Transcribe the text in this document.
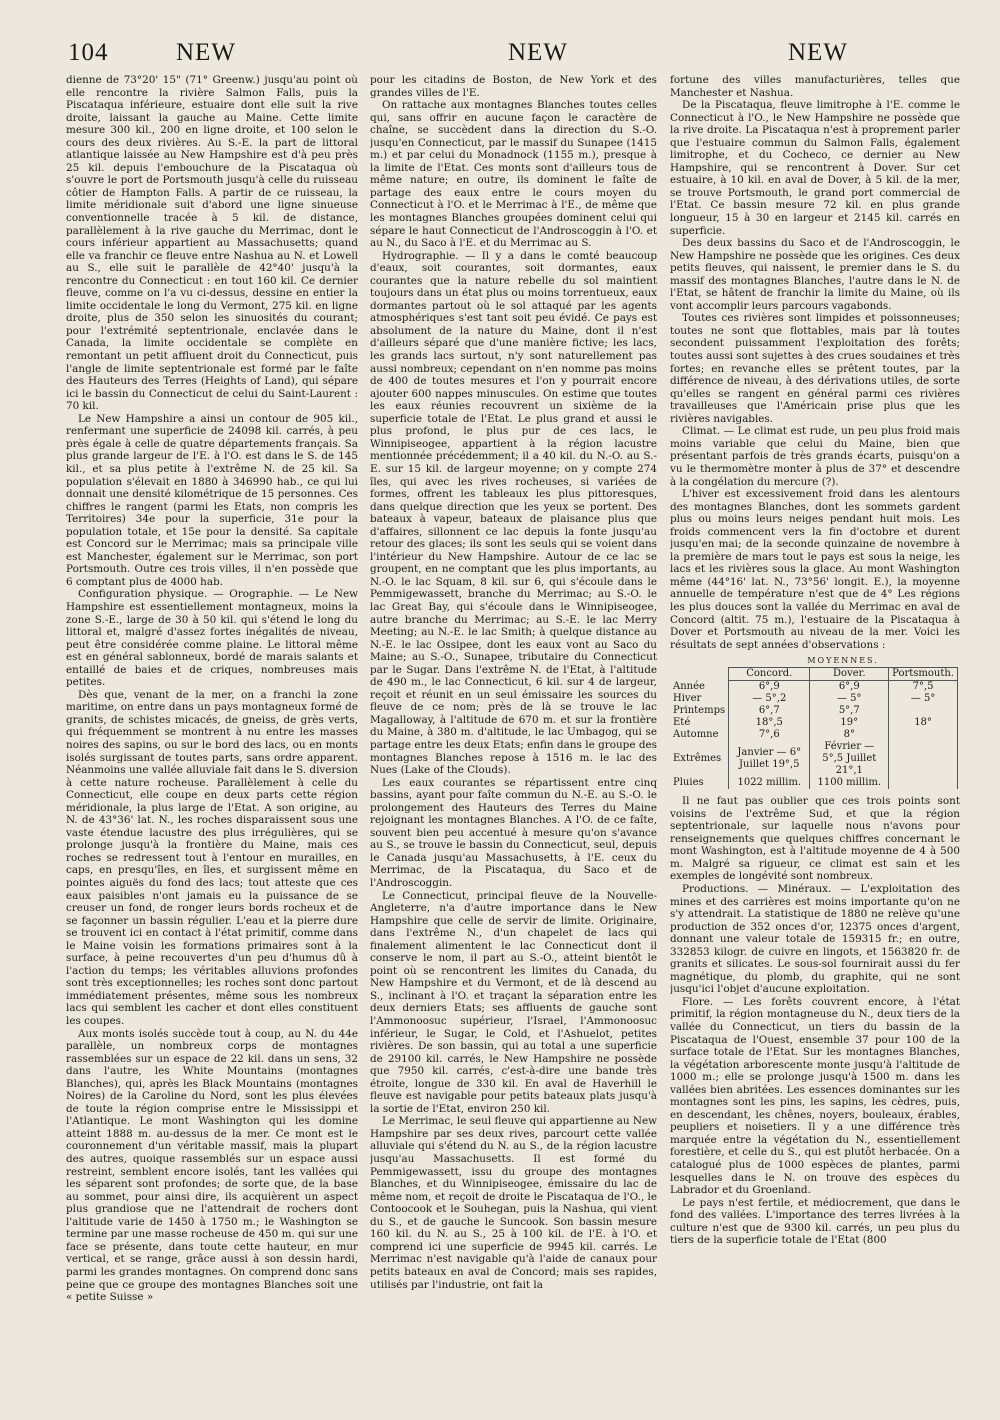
104	NEW	NEW	NEW

dienne de 73°20' 15" (71° Greenw.) jusqu'au point où elle rencontre la rivière Salmon Falls, puis la Piscataqua inférieure, estuaire dont elle suit la rive droite, laissant la gauche au Maine. Cette limite mesure 300 kil., 200 en ligne droite, et 100 selon le cours des deux rivières. Au S.-E. la part de littoral atlantique laissée au New Hampshire est d'à peu près 25 kil. depuis l'embouchure de la Piscataqua où s'ouvre le port de Portsmouth jusqu'à celle du ruisseau côtier de Hampton Falls. A partir de ce ruisseau, la limite méridionale suit d'abord une ligne sinueuse conventionnelle tracée à 5 kil. de distance, parallèlement à la rive gauche du Merrimac, dont le cours inférieur appartient au Massachusetts; quand elle va franchir ce fleuve entre Nashua au N. et Lowell au S., elle suit le parallèle de 42°40' jusqu'à la rencontre du Connecticut : en tout 160 kil. Ce dernier fleuve, comme on l'a vu ci-dessus, dessine en entier la limite occidentale le long du Vermont, 275 kil. en ligne droite, plus de 350 selon les sinuosités du courant; pour l'extrémité septentrionale, enclavée dans le Canada, la limite occidentale se complète en remontant un petit affluent droit du Connecticut, puis l'angle de limite septentrionale est formé par le faîte des Hauteurs des Terres (Heights of Land), qui sépare ici le bassin du Connecticut de celui du Saint-Laurent : 70 kil.

Le New Hampshire a ainsi un contour de 905 kil., renfermant une superficie de 24098 kil. carrés, à peu près égale à celle de quatre départements français. Sa plus grande largeur de l'E. à l'O. est dans le S. de 145 kil., et sa plus petite à l'extrême N. de 25 kil. Sa population s'élevait en 1880 à 346990 hab., ce qui lui donnait une densité kilométrique de 15 personnes. Ces chiffres le rangent (parmi les Etats, non compris les Territoires) 34e pour la superficie, 31e pour la population totale, et 15e pour la densité. Sa capitale est Concord sur le Merrimac; mais sa principale ville est Manchester, également sur le Merrimac, son port Portsmouth. Outre ces trois villes, il n'en possède que 6 comptant plus de 4000 hab.

Configuration physique. — Orographie. — Le New Hampshire est essentiellement montagneux, moins la zone S.-E., large de 30 à 50 kil. qui s'étend le long du littoral et, malgré d'assez fortes inégalités de niveau, peut être considérée comme plaine. Le littoral même est en général sablonneux, bordé de marais salants et entaillé de baies et de criques, nombreuses mais petites.

Dès que, venant de la mer, on a franchi la zone maritime, on entre dans un pays montagneux formé de granits, de schistes micacés, de gneiss, de grès verts, qui fréquemment se montrent à nu entre les masses noires des sapins, ou sur le bord des lacs, ou en monts isolés surgissant de toutes parts, sans ordre apparent. Néanmoins une vallée alluviale fait dans le S. diversion à cette nature rocheuse. Parallèlement à celle du Connecticut, elle coupe en deux parts cette région méridionale, la plus large de l'Etat. A son origine, au N. de 43°36' lat. N., les roches disparaissent sous une vaste étendue lacustre des plus irrégulières, qui se prolonge jusqu'à la frontière du Maine, mais ces roches se redressent tout à l'entour en murailles, en caps, en presqu'îles, en îles, et surgissent même en pointes aiguës du fond des lacs; tout atteste que ces eaux paisibles n'ont jamais eu la puissance de se creuser un fond, de ronger leurs bords rocheux et de se façonner un bassin régulier. L'eau et la pierre dure se trouvent ici en contact à l'état primitif, comme dans le Maine voisin les formations primaires sont à la surface, à peine recouvertes d'un peu d'humus dû à l'action du temps; les véritables alluvions profondes sont très exceptionnelles; les roches sont donc partout immédiatement présentes, même sous les nombreux lacs qui semblent les cacher et dont elles constituent les coupes.

Aux monts isolés succède tout à coup, au N. du 44e parallèle, un nombreux corps de montagnes rassemblées sur un espace de 22 kil. dans un sens, 32 dans l'autre, les White Mountains (montagnes Blanches), qui, après les Black Mountains (montagnes Noires) de la Caroline du Nord, sont les plus élevées de toute la région comprise entre le Mississippi et l'Atlantique. Le mont Washington qui les domine atteint 1888 m. au-dessus de la mer. Ce mont est le couronnement d'un véritable massif, mais la plupart des autres, quoique rassemblés sur un espace aussi restreint, semblent encore isolés, tant les vallées qui les séparent sont profondes; de sorte que, de la base au sommet, pour ainsi dire, ils acquièrent un aspect plus grandiose que ne l'attendrait de rochers dont l'altitude varie de 1450 à 1750 m.; le Washington se termine par une masse rocheuse de 450 m. qui sur une face se présente, dans toute cette hauteur, en mur vertical, et se range, grâce aussi à son dessin hardi, parmi les grandes montagnes. On comprend donc sans peine que ce groupe des montagnes Blanches soit une « petite Suisse »

pour les citadins de Boston, de New York et des grandes villes de l'E.

On rattache aux montagnes Blanches toutes celles qui, sans offrir en aucune façon le caractère de chaîne, se succèdent dans la direction du S.-O. jusqu'en Connecticut, par le massif du Sunapee (1415 m.) et par celui du Monadnock (1155 m.), presque à la limite de l'Etat. Ces monts sont d'ailleurs tous de même nature; en outre, ils dominent le faîte de partage des eaux entre le cours moyen du Connecticut à l'O. et le Merrimac à l'E., de même que les montagnes Blanches groupées dominent celui qui sépare le haut Connecticut de l'Androscoggin à l'O. et au N., du Saco à l'E. et du Merrimac au S.

Hydrographie. — Il y a dans le comté beaucoup d'eaux, soit courantes, soit dormantes, eaux courantes que la nature rebelle du sol maintient toujours dans un état plus ou moins torrentueux, eaux dormantes partout où le sol attaqué par les agents atmosphériques s'est tant soit peu évidé. Ce pays est absolument de la nature du Maine, dont il n'est d'ailleurs séparé que d'une manière fictive; les lacs, les grands lacs surtout, n'y sont naturellement pas aussi nombreux; cependant on n'en nomme pas moins de 400 de toutes mesures et l'on y pourrait encore ajouter 600 nappes minuscules. On estime que toutes les eaux réunies recouvrent un sixième de la superficie totale de l'Etat. Le plus grand et aussi le plus profond, le plus pur de ces lacs, le Winnipiseogee, appartient à la région lacustre mentionnée précédemment; il a 40 kil. du N.-O. au S.-E. sur 15 kil. de largeur moyenne; on y compte 274 îles, qui avec les rives rocheuses, si variées de formes, offrent les tableaux les plus pittoresques, dans quelque direction que les yeux se portent. Des bateaux à vapeur, bateaux de plaisance plus que d'affaires, sillonnent ce lac depuis la fonte jusqu'au retour des glaces; ils sont les seuls qui se voient dans l'intérieur du New Hampshire. Autour de ce lac se groupent, en ne comptant que les plus importants, au N.-O. le lac Squam, 8 kil. sur 6, qui s'écoule dans le Pemmigewassett, branche du Merrimac; au S.-O. le lac Great Bay, qui s'écoule dans le Winnipiseogee, autre branche du Merrimac; au S.-E. le lac Merry Meeting; au N.-E. le lac Smith; à quelque distance au N.-E. le lac Ossipee, dont les eaux vont au Saco du Maine; au S.-O., Sunapee, tributaire du Connecticut par le Sugar. Dans l'extrême N. de l'Etat, à l'altitude de 490 m., le lac Connecticut, 6 kil. sur 4 de largeur, reçoit et réunit en un seul émissaire les sources du fleuve de ce nom; près de là se trouve le lac Magalloway, à l'altitude de 670 m. et sur la frontière du Maine, à 380 m. d'altitude, le lac Umbagog, qui se partage entre les deux Etats; enfin dans le groupe des montagnes Blanches repose à 1516 m. le lac des Nues (Lake of the Clouds).

Les eaux courantes se répartissent entre cinq bassins, ayant pour faîte commun du N.-E. au S.-O. le prolongement des Hauteurs des Terres du Maine rejoignant les montagnes Blanches. A l'O. de ce faîte, souvent bien peu accentué à mesure qu'on s'avance au S., se trouve le bassin du Connecticut, seul, depuis le Canada jusqu'au Massachusetts, à l'E. ceux du Merrimac, de la Piscataqua, du Saco et de l'Androscoggin.

Le Connecticut, principal fleuve de la Nouvelle-Angleterre, n'a d'autre importance dans le New Hampshire que celle de servir de limite. Originaire, dans l'extrême N., d'un chapelet de lacs qui finalement alimentent le lac Connecticut dont il conserve le nom, il part au S.-O., atteint bientôt le point où se rencontrent les limites du Canada, du New Hampshire et du Vermont, et de là descend au S., inclinant à l'O. et traçant la séparation entre les deux derniers Etats; ses affluents de gauche sont l'Ammonoosuc supérieur, l'Israel, l'Ammonoosuc inférieur, le Sugar, le Cold, et l'Ashuelot, petites rivières. De son bassin, qui au total a une superficie de 29100 kil. carrés, le New Hampshire ne possède que 7950 kil. carrés, c'est-à-dire une bande très étroite, longue de 330 kil. En aval de Haverhill le fleuve est navigable pour petits bateaux plats jusqu'à la sortie de l'Etat, environ 250 kil.

Le Merrimac, le seul fleuve qui appartienne au New Hampshire par ses deux rives, parcourt cette vallée alluviale qui s'étend du N. au S., de la région lacustre jusqu'au Massachusetts. Il est formé du Pemmigewassett, issu du groupe des montagnes Blanches, et du Winnipiseogee, émissaire du lac de même nom, et reçoit de droite le Piscataqua de l'O., le Contoocook et le Souhegan, puis la Nashua, qui vient du S., et de gauche le Suncook. Son bassin mesure 160 kil. du N. au S., 25 à 100 kil. de l'E. à l'O. et comprend ici une superficie de 9945 kil. carrés. Le Merrimac n'est navigable qu'à l'aide de canaux pour petits bateaux en aval de Concord; mais ses rapides, utilisés par l'industrie, ont fait la

fortune des villes manufacturières, telles que Manchester et Nashua.

De la Piscataqua, fleuve limitrophe à l'E. comme le Connecticut à l'O., le New Hampshire ne possède que la rive droite. La Piscataqua n'est à proprement parler que l'estuaire commun du Salmon Falls, également limitrophe, et du Cocheco, ce dernier au New Hampshire, qui se rencontrent à Dover. Sur cet estuaire, à 10 kil. en aval de Dover, à 5 kil. de la mer, se trouve Portsmouth, le grand port commercial de l'Etat. Ce bassin mesure 72 kil. en plus grande longueur, 15 à 30 en largeur et 2145 kil. carrés en superficie.

Des deux bassins du Saco et de l'Androscoggin, le New Hampshire ne possède que les origines. Ces deux petits fleuves, qui naissent, le premier dans le S. du massif des montagnes Blanches, l'autre dans le N. de l'Etat, se hâtent de franchir la limite du Maine, où ils vont accomplir leurs parcours vagabonds.

Toutes ces rivières sont limpides et poissonneuses; toutes ne sont que flottables, mais par là toutes secondent puissamment l'exploitation des forêts; toutes aussi sont sujettes à des crues soudaines et très fortes; en revanche elles se prêtent toutes, par la différence de niveau, à des dérivations utiles, de sorte qu'elles se rangent en général parmi ces rivières travailleuses que l'Américain prise plus que les rivières navigables.

Climat. — Le climat est rude, un peu plus froid mais moins variable que celui du Maine, bien que présentant parfois de très grands écarts, puisqu'on a vu le thermomètre monter à plus de 37° et descendre à la congélation du mercure (?).

L'hiver est excessivement froid dans les alentours des montagnes Blanches, dont les sommets gardent plus ou moins leurs neiges pendant huit mois. Les froids commencent vers la fin d'octobre et durent jusqu'en mai; de la seconde quinzaine de novembre à la première de mars tout le pays est sous la neige, les lacs et les rivières sous la glace. Au mont Washington même (44°16' lat. N., 73°56' longit. E.), la moyenne annuelle de température n'est que de 4° Les régions les plus douces sont la vallée du Merrimac en aval de Concord (altit. 75 m.), l'estuaire de la Piscataqua à Dover et Portsmouth au niveau de la mer. Voici les résultats de sept années d'observations :

	MOYENNES.		
	Concord.	Dover.	Portsmouth.
Année	6°,9	6°,9	7°,5
Hiver	— 5°,2	— 5°	— 5°
Printemps	6°,7	5°,7	
Eté	18°,5	19°	18°
Automne	7°,6	8°	
Extrêmes	Janvier — 6° Juillet 19°,5	Février — 5°,5 Juillet 21°,1	
Pluies	1022 millim.	1100 millim.	

Il ne faut pas oublier que ces trois points sont voisins de l'extrême Sud, et que la région septentrionale, sur laquelle nous n'avons pour renseignements que quelques chiffres concernant le mont Washington, est à l'altitude moyenne de 4 à 500 m. Malgré sa rigueur, ce climat est sain et les exemples de longévité sont nombreux.

Productions. — Minéraux. — L'exploitation des mines et des carrières est moins importante qu'on ne s'y attendrait. La statistique de 1880 ne relève qu'une production de 352 onces d'or, 12375 onces d'argent, donnant une valeur totale de 159315 fr.; en outre, 332853 kilogr. de cuivre en lingots, et 1563820 fr. de granits et silicates. Le sous-sol fournirait aussi du fer magnétique, du plomb, du graphite, qui ne sont jusqu'ici l'objet d'aucune exploitation.

Flore. — Les forêts couvrent encore, à l'état primitif, la région montagneuse du N., deux tiers de la vallée du Connecticut, un tiers du bassin de la Piscataqua de l'Ouest, ensemble 37 pour 100 de la surface totale de l'Etat. Sur les montagnes Blanches, la végétation arborescente monte jusqu'à l'altitude de 1000 m.; elle se prolonge jusqu'à 1500 m. dans les vallées bien abritées. Les essences dominantes sur les montagnes sont les pins, les sapins, les cèdres, puis, en descendant, les chênes, noyers, bouleaux, érables, peupliers et noisetiers. Il y a une différence très marquée entre la végétation du N., essentiellement forestière, et celle du S., qui est plutôt herbacée. On a catalogué plus de 1000 espèces de plantes, parmi lesquelles dans le N. on trouve des espèces du Labrador et du Groenland.

Le pays n'est fertile, et médiocrement, que dans le fond des vallées. L'importance des terres livrées à la culture n'est que de 9300 kil. carrés, un peu plus du tiers de la superficie totale de l'Etat (800
